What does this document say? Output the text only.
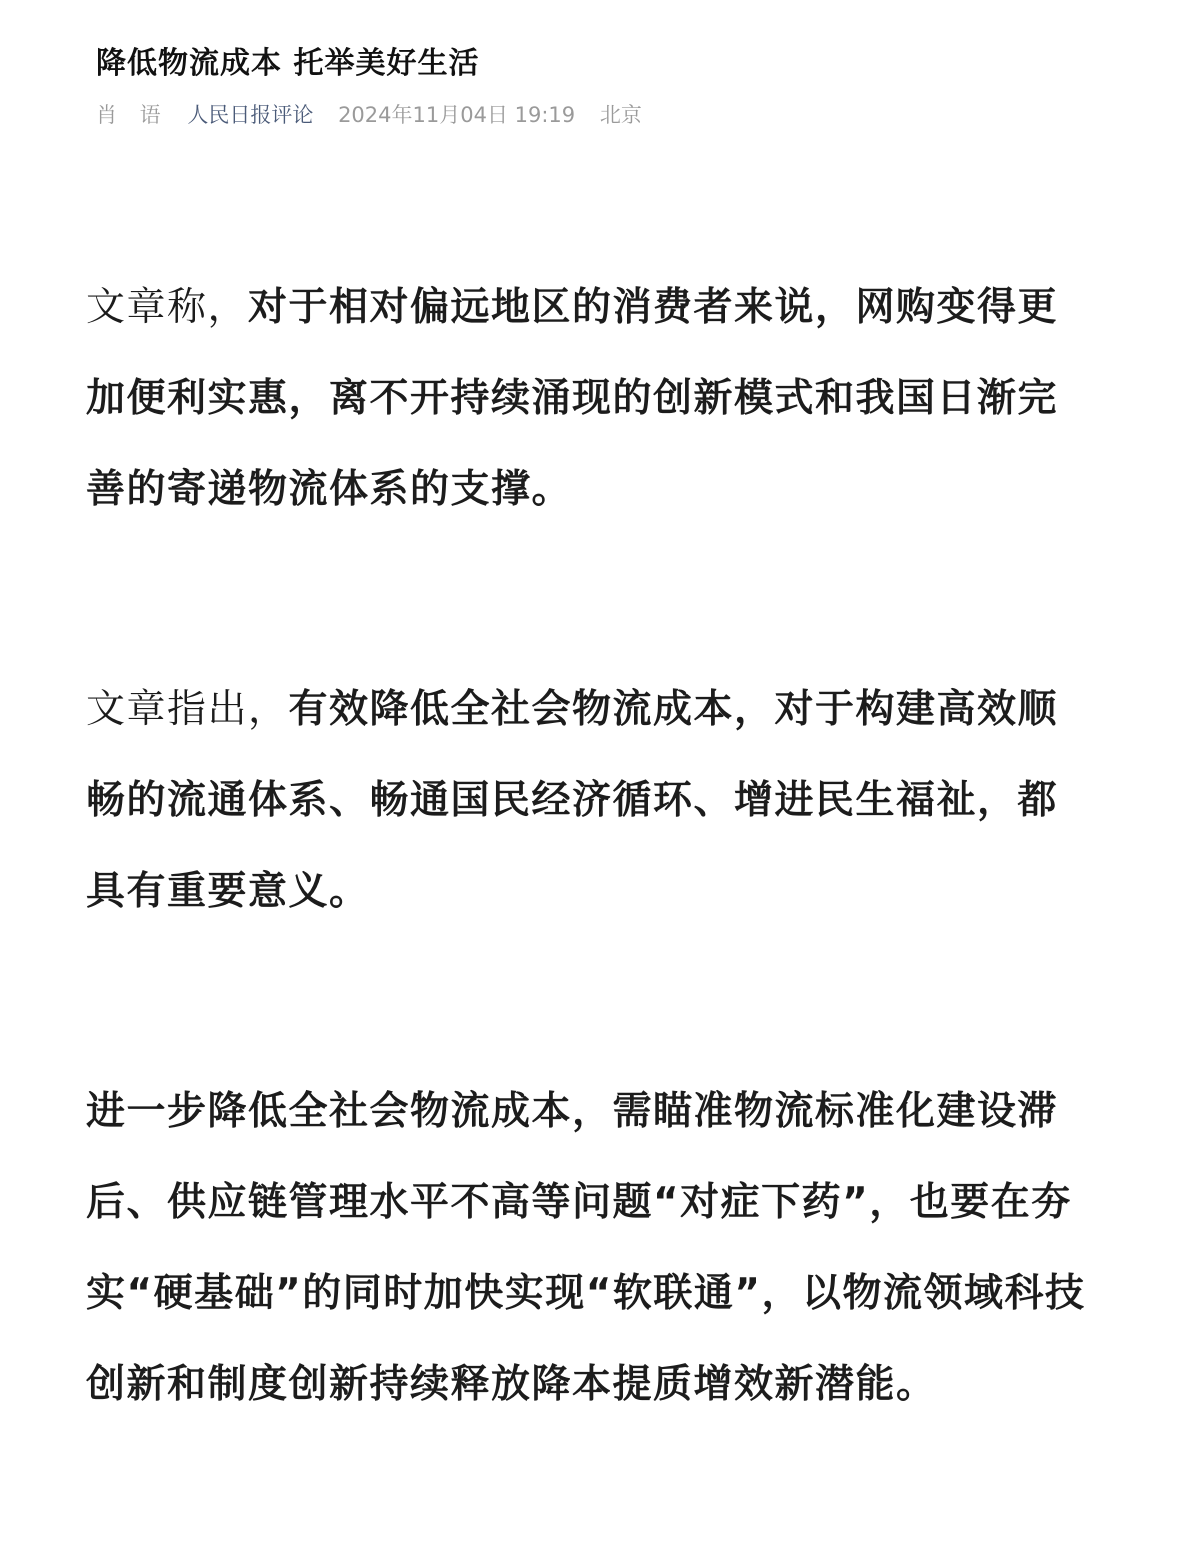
降低物流成本 托举美好生活
肖 语 人民日报评论 2024年11月04日 19:19 北京

文章称，对于相对偏远地区的消费者来说，网购变得更加便利实惠，离不开持续涌现的创新模式和我国日渐完善的寄递物流体系的支撑。

文章指出，有效降低全社会物流成本，对于构建高效顺畅的流通体系、畅通国民经济循环、增进民生福祉，都具有重要意义。

进一步降低全社会物流成本，需瞄准物流标准化建设滞后、供应链管理水平不高等问题“对症下药”，也要在夯实“硬基础”的同时加快实现“软联通”，以物流领域科技创新和制度创新持续释放降本提质增效新潜能。
